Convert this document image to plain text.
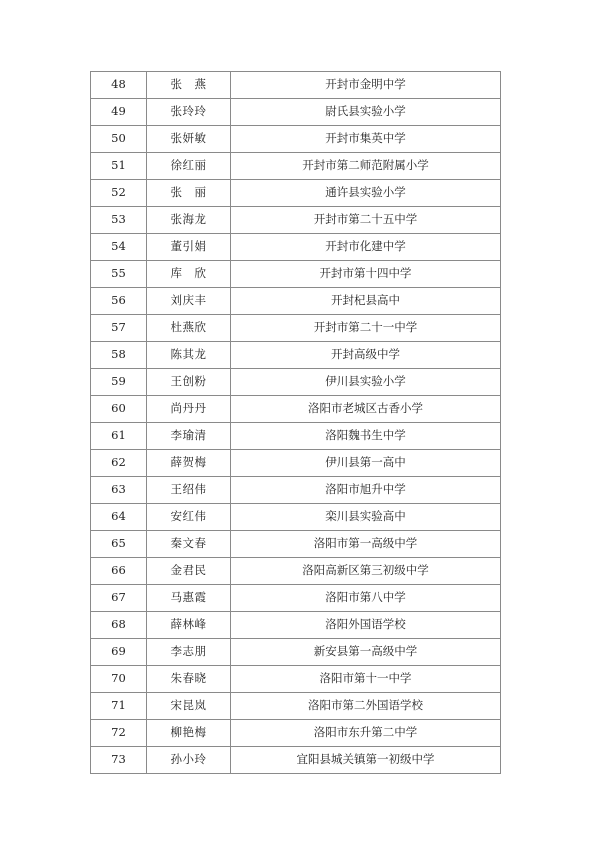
48	张　燕	开封市金明中学
49	张玲玲	尉氏县实验小学
50	张妍敏	开封市集英中学
51	徐红丽	开封市第二师范附属小学
52	张　丽	通许县实验小学
53	张海龙	开封市第二十五中学
54	董引娟	开封市化建中学
55	库　欣	开封市第十四中学
56	刘庆丰	开封杞县高中
57	杜燕欣	开封市第二十一中学
58	陈其龙	开封高级中学
59	王创粉	伊川县实验小学
60	尚丹丹	洛阳市老城区古香小学
61	李瑜清	洛阳魏书生中学
62	薛贺梅	伊川县第一高中
63	王绍伟	洛阳市旭升中学
64	安红伟	栾川县实验高中
65	秦文春	洛阳市第一高级中学
66	金君民	洛阳高新区第三初级中学
67	马惠霞	洛阳市第八中学
68	薛林峰	洛阳外国语学校
69	李志朋	新安县第一高级中学
70	朱春晓	洛阳市第十一中学
71	宋昆岚	洛阳市第二外国语学校
72	柳艳梅	洛阳市东升第二中学
73	孙小玲	宜阳县城关镇第一初级中学
